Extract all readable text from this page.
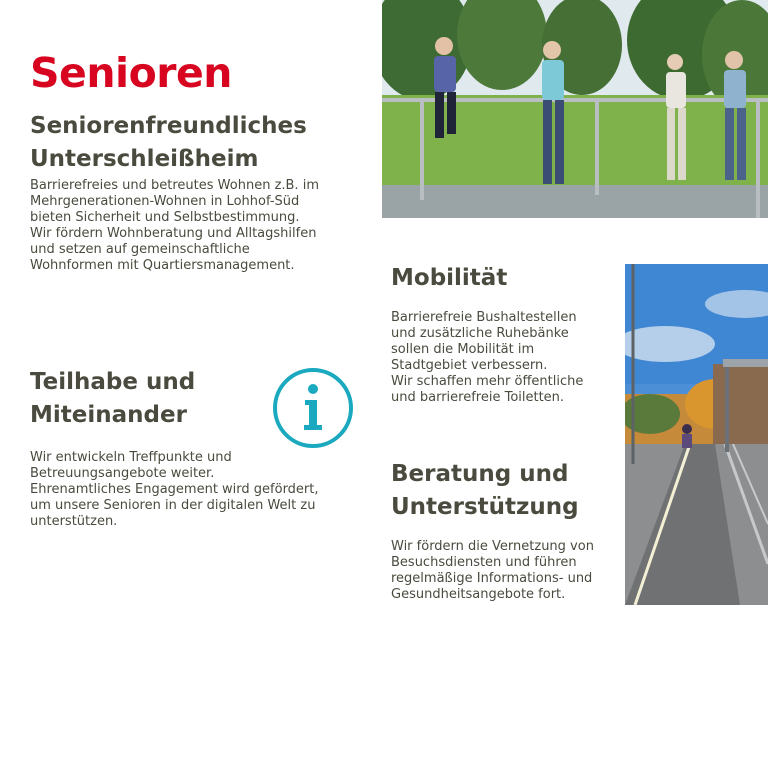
Senioren
Seniorenfreundliches
Unterschleißheim

Barrierefreies und betreutes Wohnen z.B. im
Mehrgenerationen-Wohnen in Lohhof-Süd
bieten Sicherheit und Selbstbestimmung.
Wir fördern Wohnberatung und Alltagshilfen
und setzen auf gemeinschaftliche
Wohnformen mit Quartiersmanagement.

Teilhabe und
Miteinander

Wir entwickeln Treffpunkte und
Betreuungsangebote weiter.
Ehrenamtliches Engagement wird gefördert,
um unsere Senioren in der digitalen Welt zu
unterstützen.

Mobilität

Barrierefreie Bushaltestellen
und zusätzliche Ruhebänke
sollen die Mobilität im
Stadtgebiet verbessern.
Wir schaffen mehr öffentliche
und barrierefreie Toiletten.

Beratung und
Unterstützung

Wir fördern die Vernetzung von
Besuchsdiensten und führen
regelmäßige Informations- und
Gesundheitsangebote fort.
